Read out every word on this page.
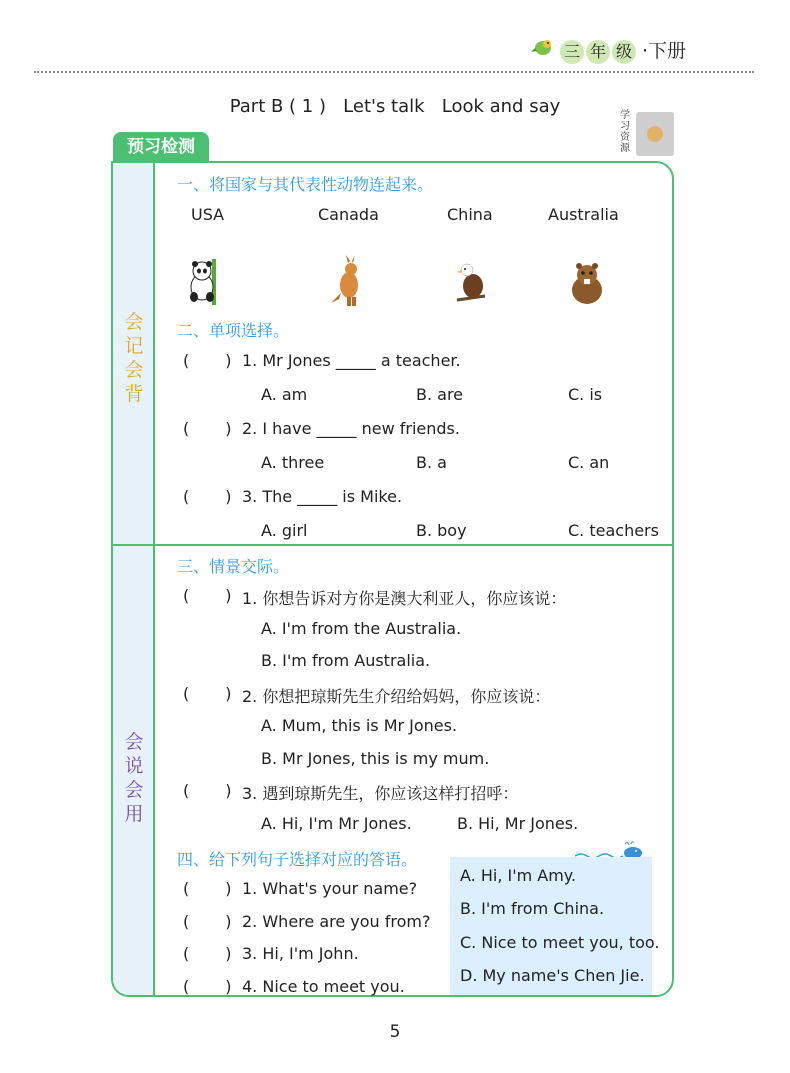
三 年 级 ·下册
Part B ( 1 )   Let's talk   Look and say	学习资源
预习检测
会
记
会
背
会
说
会
用
一、将国家与其代表性动物连起来。
USA	Canada	China	Australia
二、单项选择。
( ) 1. Mr Jones _____ a teacher.
A. am	B. are	C. is
( ) 2. I have _____ new friends.
A. three	B. a	C. an
( ) 3. The _____ is Mike.
A. girl	B. boy	C. teachers
三、情景交际。
( ) 1. 你想告诉对方你是澳大利亚人，你应该说：
A. I'm from the Australia.
B. I'm from Australia.
( ) 2. 你想把琼斯先生介绍给妈妈，你应该说：
A. Mum, this is Mr Jones.
B. Mr Jones, this is my mum.
( ) 3. 遇到琼斯先生，你应该这样打招呼：
A. Hi, I'm Mr Jones.	B. Hi, Mr Jones.
四、给下列句子选择对应的答语。
( ) 1. What's your name?
( ) 2. Where are you from?
( ) 3. Hi, I'm John.
( ) 4. Nice to meet you.
A. Hi, I'm Amy.
B. I'm from China.
C. Nice to meet you, too.
D. My name's Chen Jie.
5
